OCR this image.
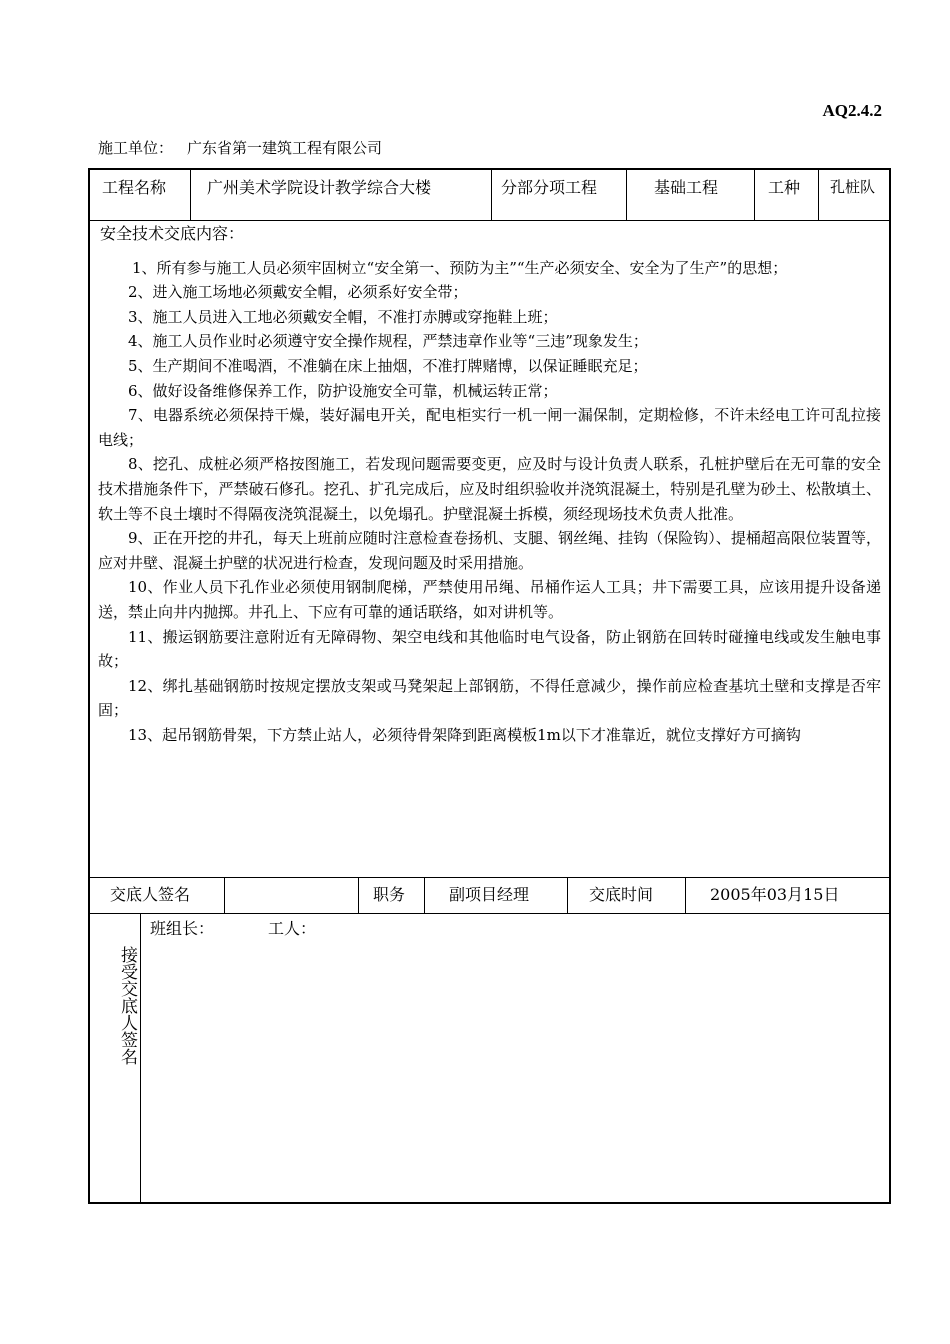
AQ2.4.2
施工单位： 广东省第一建筑工程有限公司
工程名称	广州美术学院设计教学综合大楼	分部分项工程	基础工程	工种 孔桩队
安全技术交底内容：

1、所有参与施工人员必须牢固树立“安全第一、预防为主”“生产必须安全、安全为了生产”的思想；

2、进入施工场地必须戴安全帽，必须系好安全带；

3、施工人员进入工地必须戴安全帽，不准打赤膊或穿拖鞋上班；

4、施工人员作业时必须遵守安全操作规程，严禁违章作业等“三违”现象发生；

5、生产期间不准喝酒，不准躺在床上抽烟，不准打牌赌博，以保证睡眠充足；

6、做好设备维修保养工作，防护设施安全可靠，机械运转正常；

7、电器系统必须保持干燥，装好漏电开关，配电柜实行一机一闸一漏保制，定期检修，不许未经电工许可乱拉接电线；

8、挖孔、成桩必须严格按图施工，若发现问题需要变更，应及时与设计负责人联系，孔桩护壁后在无可靠的安全技术措施条件下，严禁破石修孔。挖孔、扩孔完成后，应及时组织验收并浇筑混凝土，特别是孔壁为砂土、松散填土、软土等不良土壤时不得隔夜浇筑混凝土，以免塌孔。护壁混凝土拆模，须经现场技术负责人批准。

9、正在开挖的井孔，每天上班前应随时注意检查卷扬机、支腿、钢丝绳、挂钩（保险钩）、提桶超高限位装置等，应对井壁、混凝土护壁的状况进行检查，发现问题及时采用措施。

10、作业人员下孔作业必须使用钢制爬梯，严禁使用吊绳、吊桶作运人工具；井下需要工具，应该用提升设备递送，禁止向井内抛掷。井孔上、下应有可靠的通话联络，如对讲机等。

11、搬运钢筋要注意附近有无障碍物、架空电线和其他临时电气设备，防止钢筋在回转时碰撞电线或发生触电事故；

12、绑扎基础钢筋时按规定摆放支架或马凳架起上部钢筋，不得任意减少，操作前应检查基坑土壁和支撑是否牢固；

13、起吊钢筋骨架，下方禁止站人，必须待骨架降到距离模板1m以下才准靠近，就位支撑好方可摘钩

交底人签名	职务	副项目经理	交底时间	2005年03月15日
接受交底人签名
班组长：	工人：
